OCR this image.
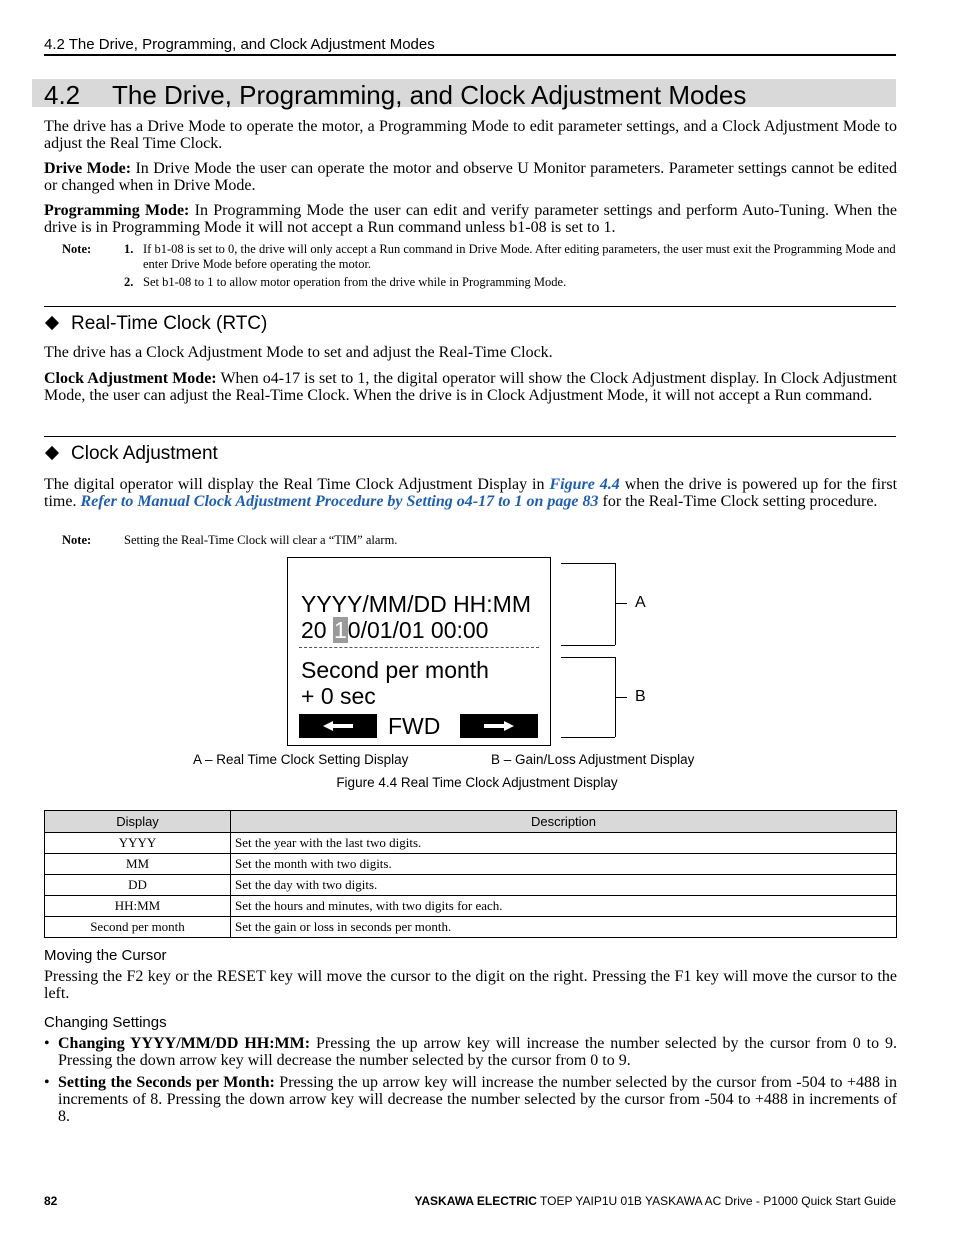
4.2 The Drive, Programming, and Clock Adjustment Modes
4.2 The Drive, Programming, and Clock Adjustment Modes
The drive has a Drive Mode to operate the motor, a Programming Mode to edit parameter settings, and a Clock Adjustment Mode to adjust the Real Time Clock.
Drive Mode: In Drive Mode the user can operate the motor and observe U Monitor parameters. Parameter settings cannot be edited or changed when in Drive Mode.
Programming Mode: In Programming Mode the user can edit and verify parameter settings and perform Auto-Tuning. When the drive is in Programming Mode it will not accept a Run command unless b1-08 is set to 1.
Note:	1. If b1-08 is set to 0, the drive will only accept a Run command in Drive Mode. After editing parameters, the user must exit the Programming Mode and enter Drive Mode before operating the motor.
2. Set b1-08 to 1 to allow motor operation from the drive while in Programming Mode.
Real-Time Clock (RTC)
The drive has a Clock Adjustment Mode to set and adjust the Real-Time Clock.
Clock Adjustment Mode: When o4-17 is set to 1, the digital operator will show the Clock Adjustment display. In Clock Adjustment Mode, the user can adjust the Real-Time Clock. When the drive is in Clock Adjustment Mode, it will not accept a Run command.
Clock Adjustment
The digital operator will display the Real Time Clock Adjustment Display in Figure 4.4 when the drive is powered up for the first time. Refer to Manual Clock Adjustment Procedure by Setting o4-17 to 1 on page 83 for the Real-Time Clock setting procedure.
Note:	Setting the Real-Time Clock will clear a “TIM” alarm.
YYYY/MM/DD HH:MM
20 10/01/01 00:00
Second per month
+ 0 sec
FWD
A
B
A – Real Time Clock Setting Display	B – Gain/Loss Adjustment Display
Figure 4.4 Real Time Clock Adjustment Display
Display	Description
YYYY	Set the year with the last two digits.
MM	Set the month with two digits.
DD	Set the day with two digits.
HH:MM	Set the hours and minutes, with two digits for each.
Second per month	Set the gain or loss in seconds per month.
Moving the Cursor
Pressing the F2 key or the RESET key will move the cursor to the digit on the right. Pressing the F1 key will move the cursor to the left.
Changing Settings
• Changing YYYY/MM/DD HH:MM: Pressing the up arrow key will increase the number selected by the cursor from 0 to 9. Pressing the down arrow key will decrease the number selected by the cursor from 0 to 9.
• Setting the Seconds per Month: Pressing the up arrow key will increase the number selected by the cursor from -504 to +488 in increments of 8. Pressing the down arrow key will decrease the number selected by the cursor from -504 to +488 in increments of 8.
82	YASKAWA ELECTRIC TOEP YAIP1U 01B YASKAWA AC Drive - P1000 Quick Start Guide
